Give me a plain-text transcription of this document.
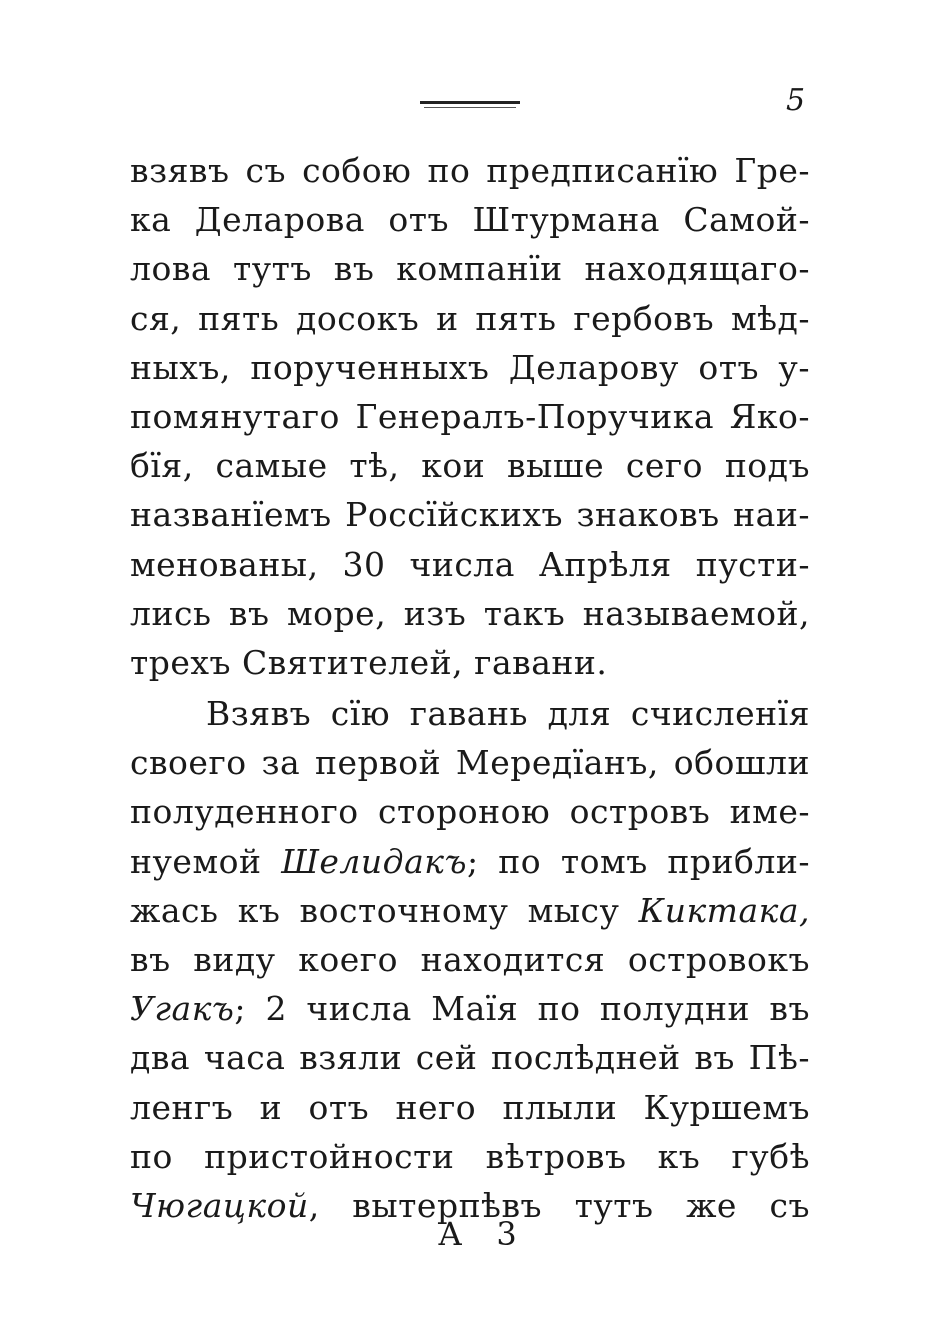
5
взявъ съ собою по предписанїю Гре-
ка Деларова отъ Штурмана Самой-
лова тутъ въ компанїи находящаго-
ся, пять досокъ и пять гербовъ мѣд-
ныхъ, порученныхъ Деларову отъ у-
помянутаго Генералъ-Поручика Яко-
бїя, самые тѣ, кои выше сего подъ
названїемъ Россїйскихъ знаковъ наи-
менованы, 30 числа Апрѣля пусти-
лись въ море, изъ такъ называемой,
трехъ Святителей, гавани.
Взявъ сїю гавань для счисленїя
своего за первой Мередїанъ, обошли
полуденного стороною островъ име-
нуемой Шелидакъ; по томъ прибли-
жась къ восточному мысу Киктака,
въ виду коего находится островокъ
Угакъ; 2 числа Маїя по полудни въ
два часа взяли сей послѣдней въ Пѣ-
ленгъ и отъ него плыли Куршемъ
по пристойности вѣтровъ къ губѣ
Чюгацкой, вытерпѣвъ тутъ же съ
А 3
